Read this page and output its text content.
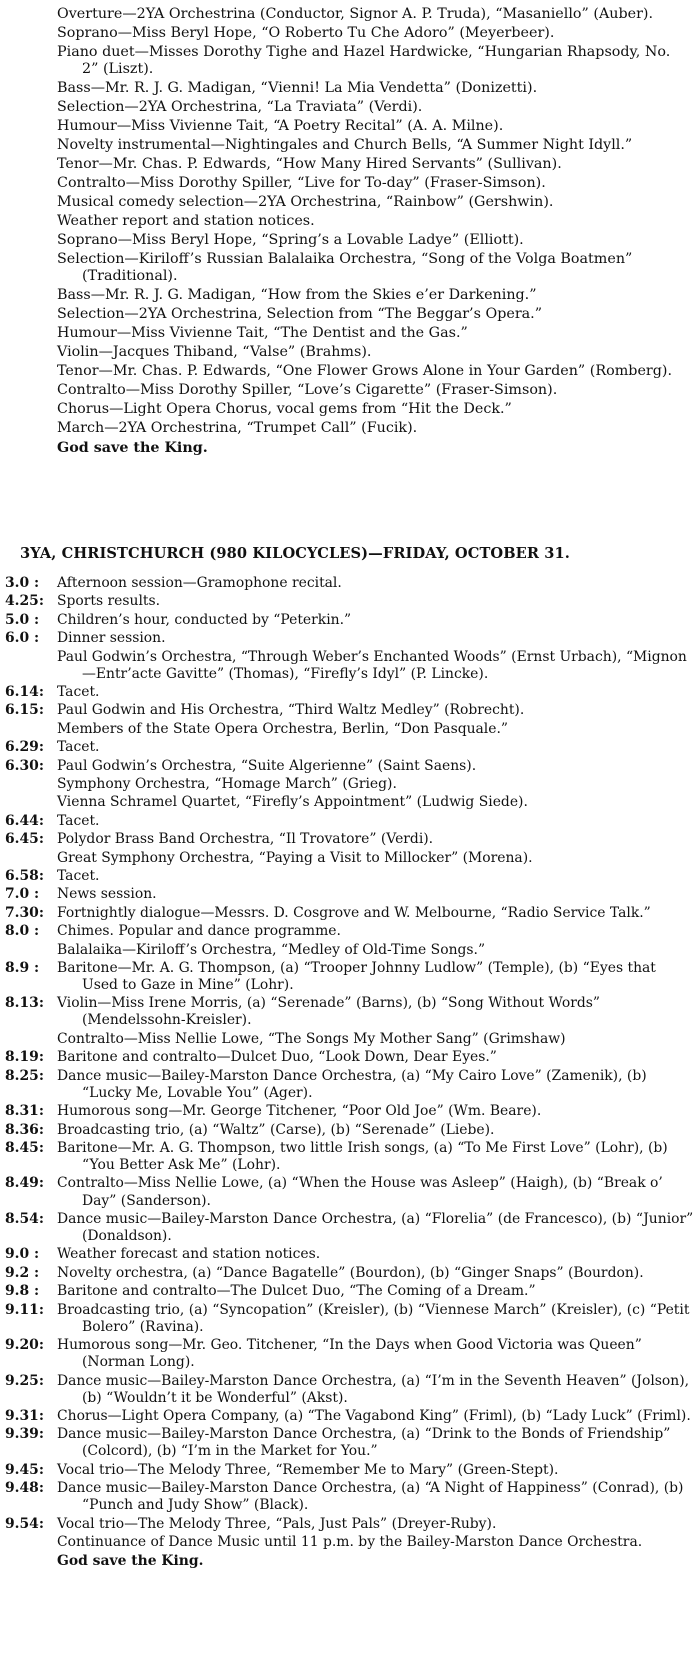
Overture—2YA Orchestrina (Conductor, Signor A. P. Truda), “Masaniello” (Auber).
Soprano—Miss Beryl Hope, “O Roberto Tu Che Adoro” (Meyerbeer).
Piano duet—Misses Dorothy Tighe and Hazel Hardwicke, “Hungarian Rhapsody, No. 2” (Liszt).
Bass—Mr. R. J. G. Madigan, “Vienni! La Mia Vendetta” (Donizetti).
Selection—2YA Orchestrina, “La Traviata” (Verdi).
Humour—Miss Vivienne Tait, “A Poetry Recital” (A. A. Milne).
Novelty instrumental—Nightingales and Church Bells, “A Summer Night Idyll.”
Tenor—Mr. Chas. P. Edwards, “How Many Hired Servants” (Sullivan).
Contralto—Miss Dorothy Spiller, “Live for To-day” (Fraser-Simson).
Musical comedy selection—2YA Orchestrina, “Rainbow” (Gershwin).
Weather report and station notices.
Soprano—Miss Beryl Hope, “Spring’s a Lovable Ladye” (Elliott).
Selection—Kiriloff’s Russian Balalaika Orchestra, “Song of the Volga Boatmen” (Traditional).
Bass—Mr. R. J. G. Madigan, “How from the Skies e’er Darkening.”
Selection—2YA Orchestrina, Selection from “The Beggar’s Opera.”
Humour—Miss Vivienne Tait, “The Dentist and the Gas.”
Violin—Jacques Thiband, “Valse” (Brahms).
Tenor—Mr. Chas. P. Edwards, “One Flower Grows Alone in Your Garden” (Romberg).
Contralto—Miss Dorothy Spiller, “Love’s Cigarette” (Fraser-Simson).
Chorus—Light Opera Chorus, vocal gems from “Hit the Deck.”
March—2YA Orchestrina, “Trumpet Call” (Fucik).
God save the King.
3YA, CHRISTCHURCH (980 KILOCYCLES)—FRIDAY, OCTOBER 31.
3.0 :	Afternoon session—Gramophone recital.
4.25: Sports results.
5.0 :	Children’s hour, conducted by “Peterkin.”
6.0 :	Dinner session.
Paul Godwin’s Orchestra, “Through Weber’s Enchanted Woods” (Ernst Urbach), “Mignon—Entr’acte Gavitte” (Thomas), “Firefly’s Idyl” (P. Lincke).
6.14: Tacet.
6.15: Paul Godwin and His Orchestra, “Third Waltz Medley” (Robrecht).
Members of the State Opera Orchestra, Berlin, “Don Pasquale.”
6.29: Tacet.
6.30: Paul Godwin’s Orchestra, “Suite Algerienne” (Saint Saens).
Symphony Orchestra, “Homage March” (Grieg).
Vienna Schramel Quartet, “Firefly’s Appointment” (Ludwig Siede).
6.44: Tacet.
6.45: Polydor Brass Band Orchestra, “Il Trovatore” (Verdi).
Great Symphony Orchestra, “Paying a Visit to Millocker” (Morena).
6.58: Tacet.
7.0 :	News session.
7.30: Fortnightly dialogue—Messrs. D. Cosgrove and W. Melbourne, “Radio Service Talk.”
8.0 :	Chimes. Popular and dance programme.
Balalaika—Kiriloff’s Orchestra, “Medley of Old-Time Songs.”
8.9 :	Baritone—Mr. A. G. Thompson, (a) “Trooper Johnny Ludlow” (Temple), (b) “Eyes that Used to Gaze in Mine” (Lohr).
8.13: Violin—Miss Irene Morris, (a) “Serenade” (Barns), (b) “Song Without Words” (Mendelssohn-Kreisler).
Contralto—Miss Nellie Lowe, “The Songs My Mother Sang” (Grimshaw)
8.19: Baritone and contralto—Dulcet Duo, “Look Down, Dear Eyes.”
8.25: Dance music—Bailey-Marston Dance Orchestra, (a) “My Cairo Love” (Zamenik), (b) “Lucky Me, Lovable You” (Ager).
8.31: Humorous song—Mr. George Titchener, “Poor Old Joe” (Wm. Beare).
8.36: Broadcasting trio, (a) “Waltz” (Carse), (b) “Serenade” (Liebe).
8.45: Baritone—Mr. A. G. Thompson, two little Irish songs, (a) “To Me First Love” (Lohr), (b) “You Better Ask Me” (Lohr).
8.49: Contralto—Miss Nellie Lowe, (a) “When the House was Asleep” (Haigh), (b) “Break o’ Day” (Sanderson).
8.54: Dance music—Bailey-Marston Dance Orchestra, (a) “Florelia” (de Francesco), (b) “Junior” (Donaldson).
9.0 :	Weather forecast and station notices.
9.2 :	Novelty orchestra, (a) “Dance Bagatelle” (Bourdon), (b) “Ginger Snaps” (Bourdon).
9.8 :	Baritone and contralto—The Dulcet Duo, “The Coming of a Dream.”
9.11: Broadcasting trio, (a) “Syncopation” (Kreisler), (b) “Viennese March” (Kreisler), (c) “Petit Bolero” (Ravina).
9.20: Humorous song—Mr. Geo. Titchener, “In the Days when Good Victoria was Queen” (Norman Long).
9.25: Dance music—Bailey-Marston Dance Orchestra, (a) “I’m in the Seventh Heaven” (Jolson), (b) “Wouldn’t it be Wonderful” (Akst).
9.31: Chorus—Light Opera Company, (a) “The Vagabond King” (Friml), (b) “Lady Luck” (Friml).
9.39: Dance music—Bailey-Marston Dance Orchestra, (a) “Drink to the Bonds of Friendship” (Colcord), (b) “I’m in the Market for You.”
9.45: Vocal trio—The Melody Three, “Remember Me to Mary” (Green-Stept).
9.48: Dance music—Bailey-Marston Dance Orchestra, (a) “A Night of Happiness” (Conrad), (b) “Punch and Judy Show” (Black).
9.54: Vocal trio—The Melody Three, “Pals, Just Pals” (Dreyer-Ruby).
Continuance of Dance Music until 11 p.m. by the Bailey-Marston Dance Orchestra.
God save the King.
